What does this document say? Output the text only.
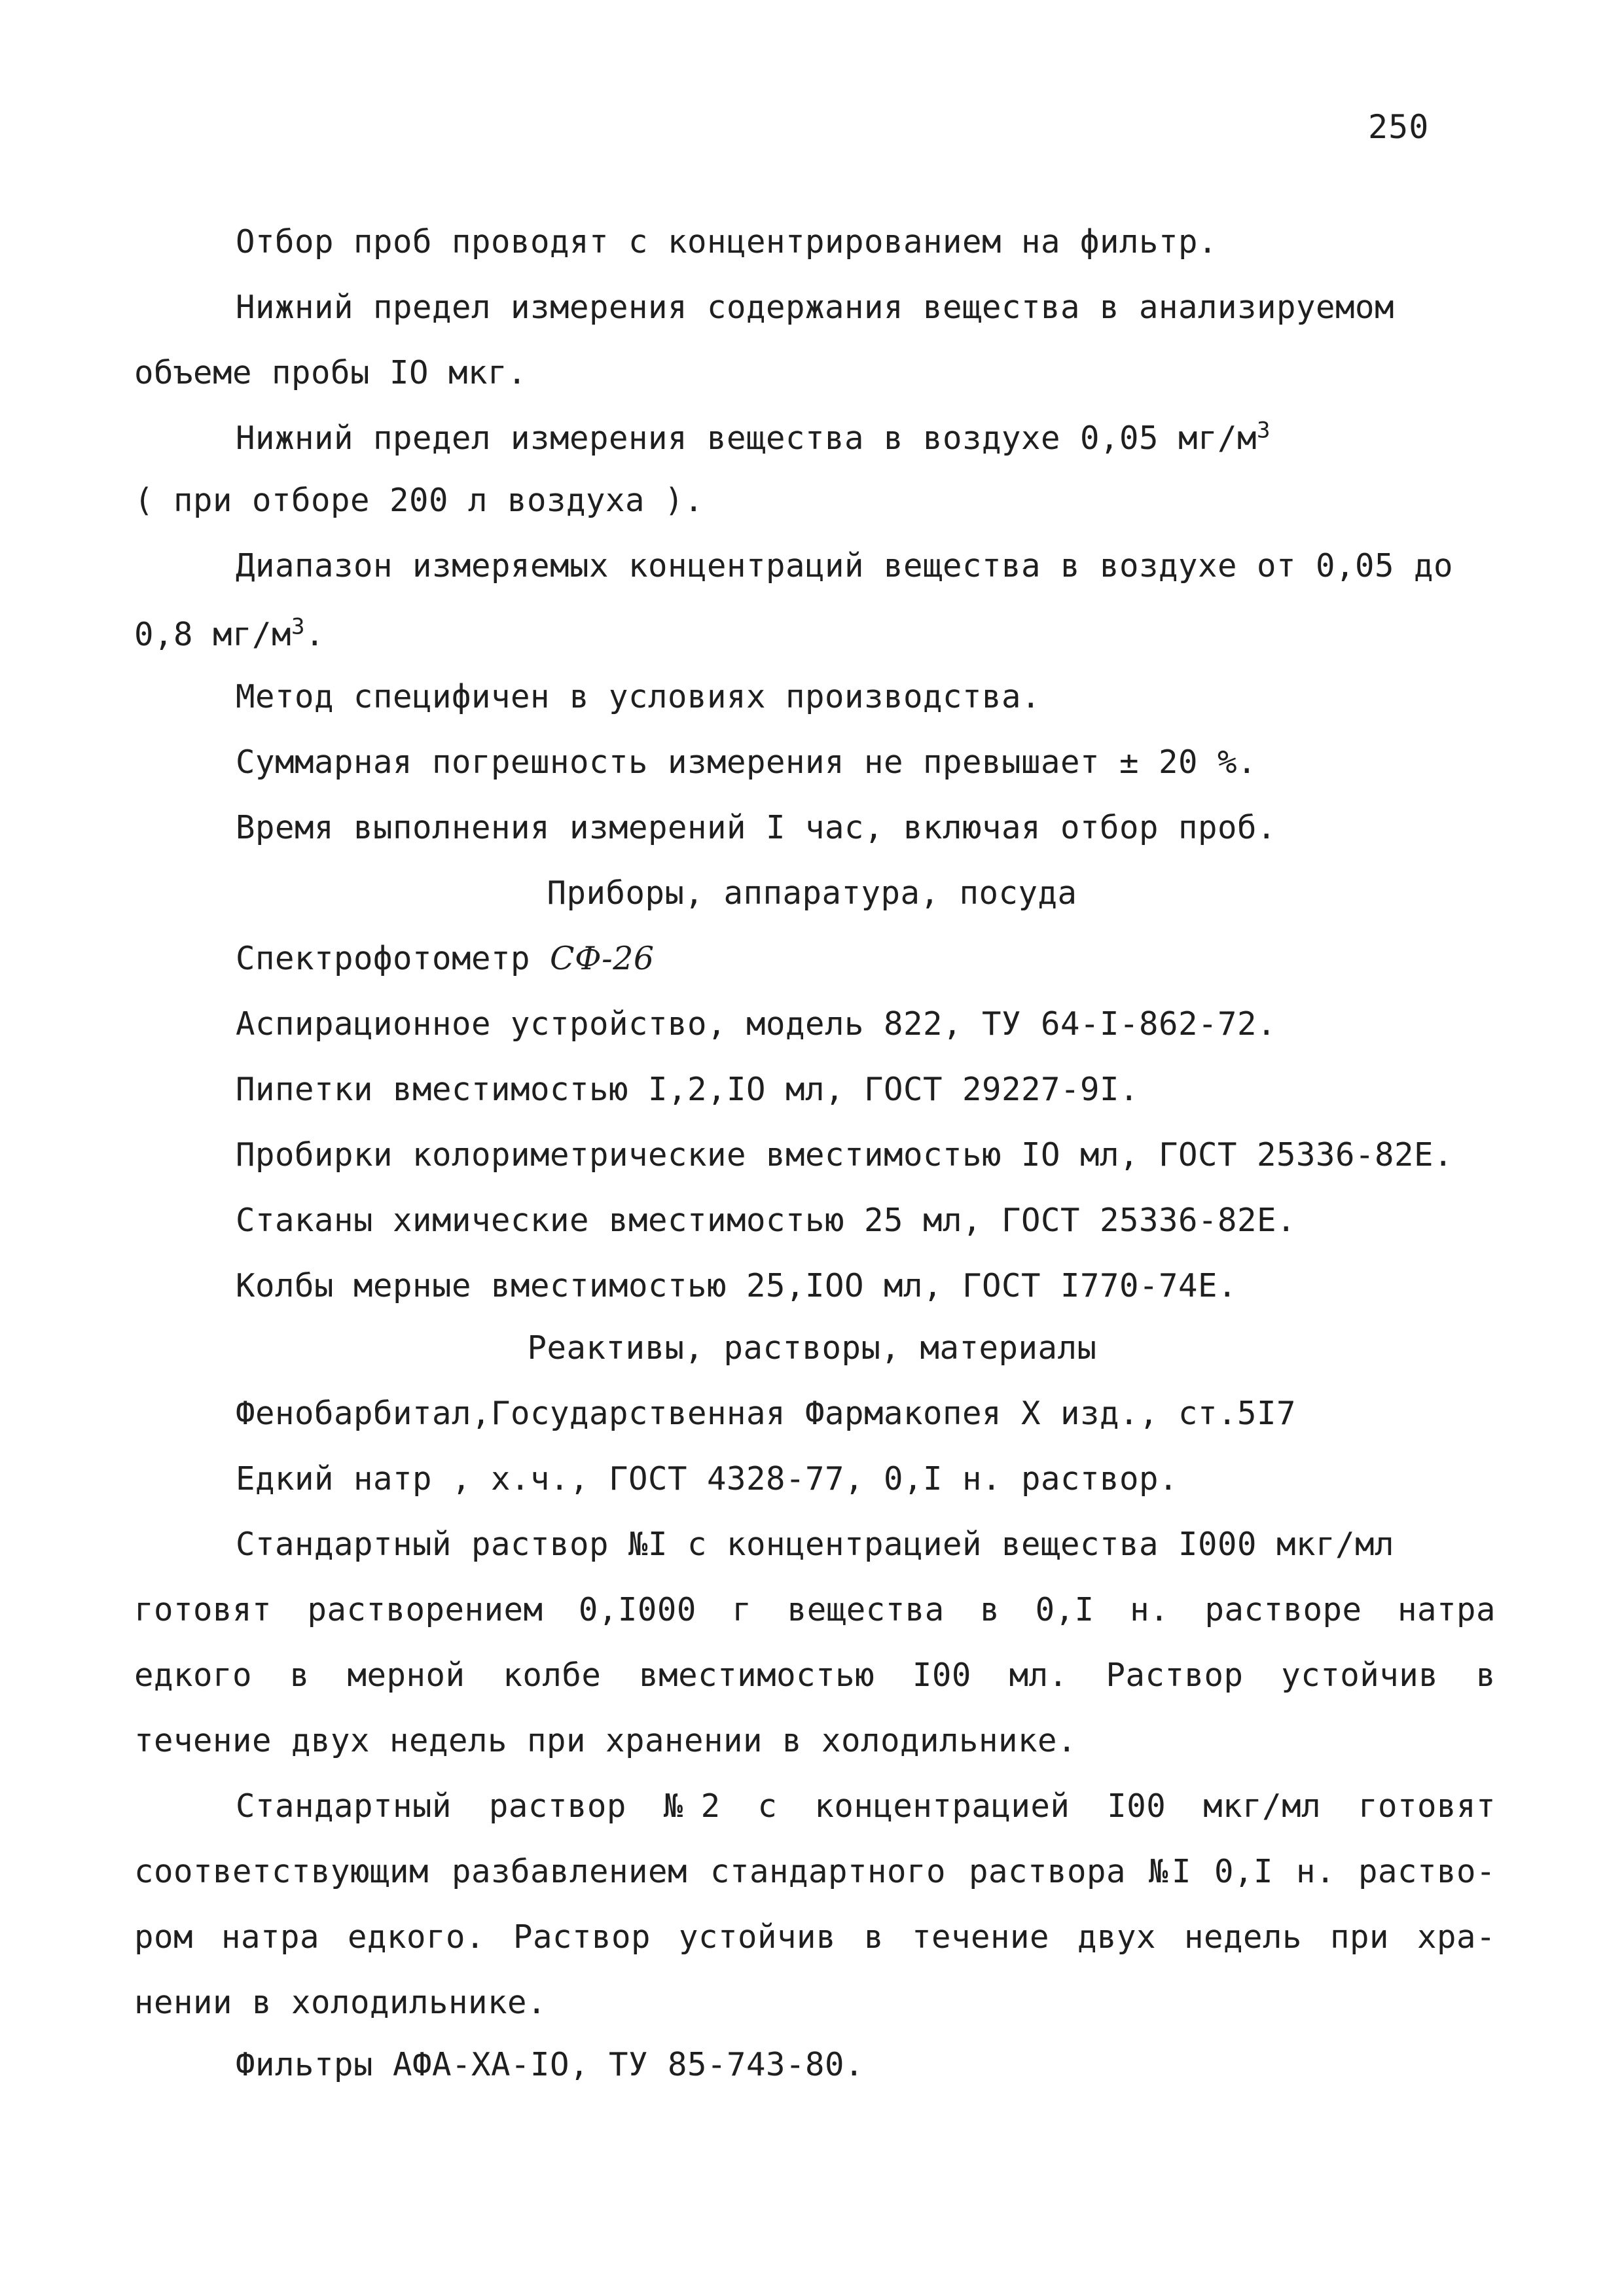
250
Отбор проб проводят с концентрированием на фильтр.
Нижний предел измерения содержания вещества в анализируемом
объеме пробы IO мкг.
Нижний предел измерения вещества в воздухе 0,05 $мг/м^3$
( при отборе 200 л воздуха ).
Диапазон измеряемых концентраций вещества в воздухе от 0,05 до
0,8 $мг/м^3$.
Метод специфичен в условиях производства.
Суммарная погрешность измерения не превышает ± 20 %.
Время выполнения измерений I час, включая отбор проб.
Приборы, аппаратура, посуда
Спектрофотометр СФ-26
Аспирационное устройство, модель 822, ТУ 64-I-862-72.
Пипетки вместимостью I,2,IO мл, ГОСТ 29227-9I.
Пробирки колориметрические вместимостью IO мл, ГОСТ 25336-82Е.
Стаканы химические вместимостью 25 мл, ГОСТ 25336-82Е.
Колбы мерные вместимостью 25,IOO мл, ГОСТ I770-74Е.
Реактивы, растворы, материалы
Фенобарбитал,Государственная Фармакопея X изд., ст.5I7
Едкий натр , х.ч., ГОСТ 4328-77, 0,I н. раствор.
Стандартный раствор №I с концентрацией вещества I000 мкг/мл
готовят растворением 0,I000 г вещества в 0,I н. растворе натра
едкого в мерной колбе вместимостью I00 мл. Раствор устойчив в
течение двух недель при хранении в холодильнике.
Стандартный раствор №2 с концентрацией I00 мкг/мл готовят
соответствующим разбавлением стандартного раствора №I 0,I н. раство-
ром натра едкого. Раствор устойчив в течение двух недель при хра-
нении в холодильнике.
Фильтры АФА-ХА-IO, ТУ 85-743-80.
